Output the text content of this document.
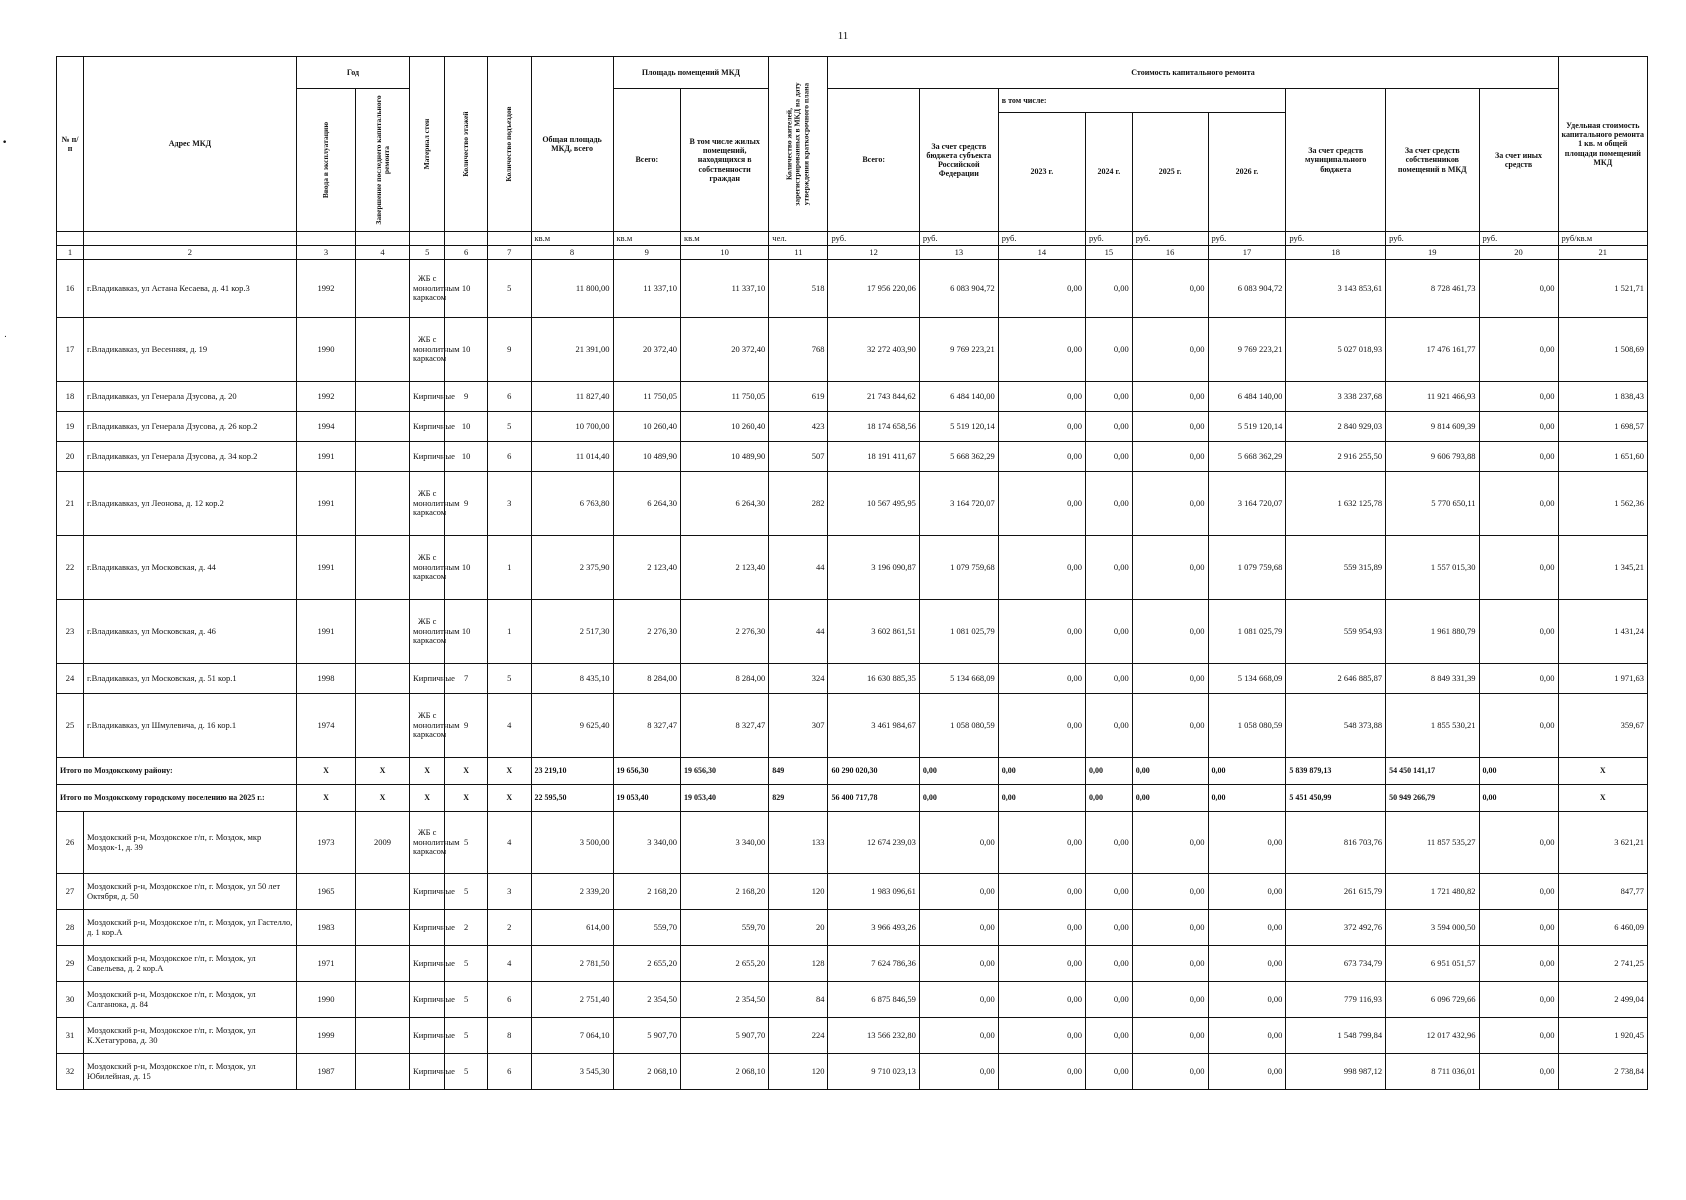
11
•
.
№ п/п	Адрес МКД	Год		Материал стен	Количество этажей	Количество подъездов	Общая площадь МКД, всего	Площадь помещений МКД		Количество жителей, зарегистрированных в МКД на дату утверждения краткосрочного плана	Стоимость капитального ремонта									Удельная стоимость капитального ремонта 1 кв. м общей площади помещений МКД

		Ввода в эксплуатацию	Завершение последнего капитального ремонта					Всего:	В том числе жилых помещений, находящихся в собственности граждан		Всего:	За счет средств бюджета субъекта Российской Федерации	в том числе:				За счет средств муниципального бюджета	За счет средств собственников помещений в МКД	За счет иных средств	
													2023 г.	2024 г.	2025 г.	2026 г.				
							кв.м	кв.м	кв.м	чел.	руб.	руб.	руб.	руб.	руб.	руб.	руб.	руб.	руб.	руб/кв.м
1	2	3	4	5	6	7	8	9	10	11	12	13	14	15	16	17	18	19	20	21
16	г.Владикавказ, ул Астана Кесаева, д. 41 кор.3	1992		ЖБ с монолитным каркасом	10	5	11 800,00	11 337,10	11 337,10	518	17 956 220,06	6 083 904,72	0,00	0,00	0,00	6 083 904,72	3 143 853,61	8 728 461,73	0,00	1 521,71
17	г.Владикавказ, ул Весенняя, д. 19	1990		ЖБ с монолитным каркасом	10	9	21 391,00	20 372,40	20 372,40	768	32 272 403,90	9 769 223,21	0,00	0,00	0,00	9 769 223,21	5 027 018,93	17 476 161,77	0,00	1 508,69
18	г.Владикавказ, ул Генерала Дзусова, д. 20	1992		Кирпичные	9	6	11 827,40	11 750,05	11 750,05	619	21 743 844,62	6 484 140,00	0,00	0,00	0,00	6 484 140,00	3 338 237,68	11 921 466,93	0,00	1 838,43
19	г.Владикавказ, ул Генерала Дзусова, д. 26 кор.2	1994		Кирпичные	10	5	10 700,00	10 260,40	10 260,40	423	18 174 658,56	5 519 120,14	0,00	0,00	0,00	5 519 120,14	2 840 929,03	9 814 609,39	0,00	1 698,57
20	г.Владикавказ, ул Генерала Дзусова, д. 34 кор.2	1991		Кирпичные	10	6	11 014,40	10 489,90	10 489,90	507	18 191 411,67	5 668 362,29	0,00	0,00	0,00	5 668 362,29	2 916 255,50	9 606 793,88	0,00	1 651,60
21	г.Владикавказ, ул Леонова, д. 12 кор.2	1991		ЖБ с монолитным каркасом	9	3	6 763,80	6 264,30	6 264,30	282	10 567 495,95	3 164 720,07	0,00	0,00	0,00	3 164 720,07	1 632 125,78	5 770 650,11	0,00	1 562,36
22	г.Владикавказ, ул Московская, д. 44	1991		ЖБ с монолитным каркасом	10	1	2 375,90	2 123,40	2 123,40	44	3 196 090,87	1 079 759,68	0,00	0,00	0,00	1 079 759,68	559 315,89	1 557 015,30	0,00	1 345,21
23	г.Владикавказ, ул Московская, д. 46	1991		ЖБ с монолитным каркасом	10	1	2 517,30	2 276,30	2 276,30	44	3 602 861,51	1 081 025,79	0,00	0,00	0,00	1 081 025,79	559 954,93	1 961 880,79	0,00	1 431,24
24	г.Владикавказ, ул Московская, д. 51 кор.1	1998		Кирпичные	7	5	8 435,10	8 284,00	8 284,00	324	16 630 885,35	5 134 668,09	0,00	0,00	0,00	5 134 668,09	2 646 885,87	8 849 331,39	0,00	1 971,63
25	г.Владикавказ, ул Шмулевича, д. 16 кор.1	1974		ЖБ с монолитным каркасом	9	4	9 625,40	8 327,47	8 327,47	307	3 461 984,67	1 058 080,59	0,00	0,00	0,00	1 058 080,59	548 373,88	1 855 530,21	0,00	359,67
Итого по Моздокскому району:		X	X	X	X	X	23 219,10	19 656,30	19 656,30	849	60 290 020,30	0,00	0,00	0,00	0,00	0,00	5 839 879,13	54 450 141,17	0,00	X
Итого по Моздокскому городскому поселению на 2025 г.:		X	X	X	X	X	22 595,50	19 053,40	19 053,40	829	56 400 717,78	0,00	0,00	0,00	0,00	0,00	5 451 450,99	50 949 266,79	0,00	X
26	Моздокский р-н, Моздокское г/п, г. Моздок, мкр Моздок-1, д. 39	1973	2009	ЖБ с монолитным каркасом	5	4	3 500,00	3 340,00	3 340,00	133	12 674 239,03	0,00	0,00	0,00	0,00	0,00	816 703,76	11 857 535,27	0,00	3 621,21
27	Моздокский р-н, Моздокское г/п, г. Моздок, ул 50 лет Октября, д. 50	1965		Кирпичные	5	3	2 339,20	2 168,20	2 168,20	120	1 983 096,61	0,00	0,00	0,00	0,00	0,00	261 615,79	1 721 480,82	0,00	847,77
28	Моздокский р-н, Моздокское г/п, г. Моздок, ул Гастелло, д. 1 кор.А	1983		Кирпичные	2	2	614,00	559,70	559,70	20	3 966 493,26	0,00	0,00	0,00	0,00	0,00	372 492,76	3 594 000,50	0,00	6 460,09
29	Моздокский р-н, Моздокское г/п, г. Моздок, ул Савельева, д. 2 кор.А	1971		Кирпичные	5	4	2 781,50	2 655,20	2 655,20	128	7 624 786,36	0,00	0,00	0,00	0,00	0,00	673 734,79	6 951 051,57	0,00	2 741,25
30	Моздокский р-н, Моздокское г/п, г. Моздок, ул Салганюка, д. 84	1990		Кирпичные	5	6	2 751,40	2 354,50	2 354,50	84	6 875 846,59	0,00	0,00	0,00	0,00	0,00	779 116,93	6 096 729,66	0,00	2 499,04
31	Моздокский р-н, Моздокское г/п, г. Моздок, ул К.Хетагурова, д. 30	1999		Кирпичные	5	8	7 064,10	5 907,70	5 907,70	224	13 566 232,80	0,00	0,00	0,00	0,00	0,00	1 548 799,84	12 017 432,96	0,00	1 920,45
32	Моздокский р-н, Моздокское г/п, г. Моздок, ул Юбилейная, д. 15	1987		Кирпичные	5	6	3 545,30	2 068,10	2 068,10	120	9 710 023,13	0,00	0,00	0,00	0,00	0,00	998 987,12	8 711 036,01	0,00	2 738,84
